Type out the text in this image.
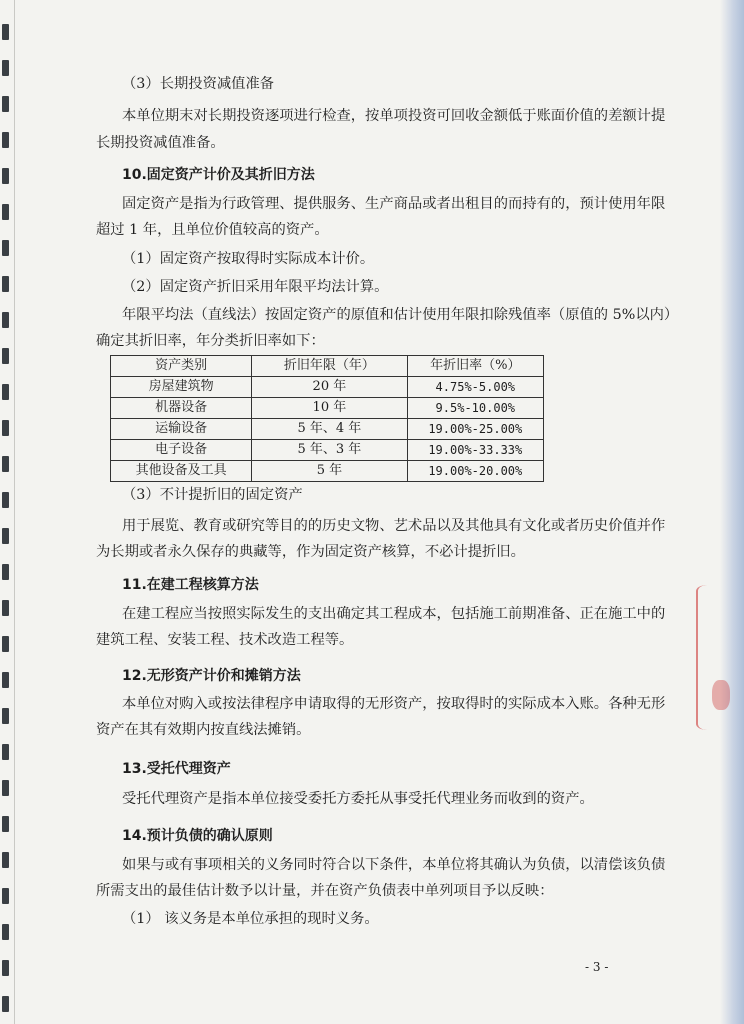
（3）长期投资减值准备
本单位期末对长期投资逐项进行检查，按单项投资可回收金额低于账面价值的差额计提
长期投资减值准备。
10.固定资产计价及其折旧方法
固定资产是指为行政管理、提供服务、生产商品或者出租目的而持有的，预计使用年限
超过 1 年，且单位价值较高的资产。
（1）固定资产按取得时实际成本计价。
（2）固定资产折旧采用年限平均法计算。
年限平均法（直线法）按固定资产的原值和估计使用年限扣除残值率（原值的 5%以内）
确定其折旧率，年分类折旧率如下：
资产类别	折旧年限（年）	年折旧率（%）
房屋建筑物	20 年	4.75%-5.00%
机器设备	10 年	9.5%-10.00%
运输设备	5 年、4 年	19.00%-25.00%
电子设备	5 年、3 年	19.00%-33.33%
其他设备及工具	5 年	19.00%-20.00%
（3）不计提折旧的固定资产
用于展览、教育或研究等目的的历史文物、艺术品以及其他具有文化或者历史价值并作
为长期或者永久保存的典藏等，作为固定资产核算，不必计提折旧。
11.在建工程核算方法
在建工程应当按照实际发生的支出确定其工程成本，包括施工前期准备、正在施工中的
建筑工程、安装工程、技术改造工程等。
12.无形资产计价和摊销方法
本单位对购入或按法律程序申请取得的无形资产，按取得时的实际成本入账。各种无形
资产在其有效期内按直线法摊销。
13.受托代理资产
受托代理资产是指本单位接受委托方委托从事受托代理业务而收到的资产。
14.预计负债的确认原则
如果与或有事项相关的义务同时符合以下条件，本单位将其确认为负债，以清偿该负债
所需支出的最佳估计数予以计量，并在资产负债表中单列项目予以反映：
（1） 该义务是本单位承担的现时义务。
- 3 -
